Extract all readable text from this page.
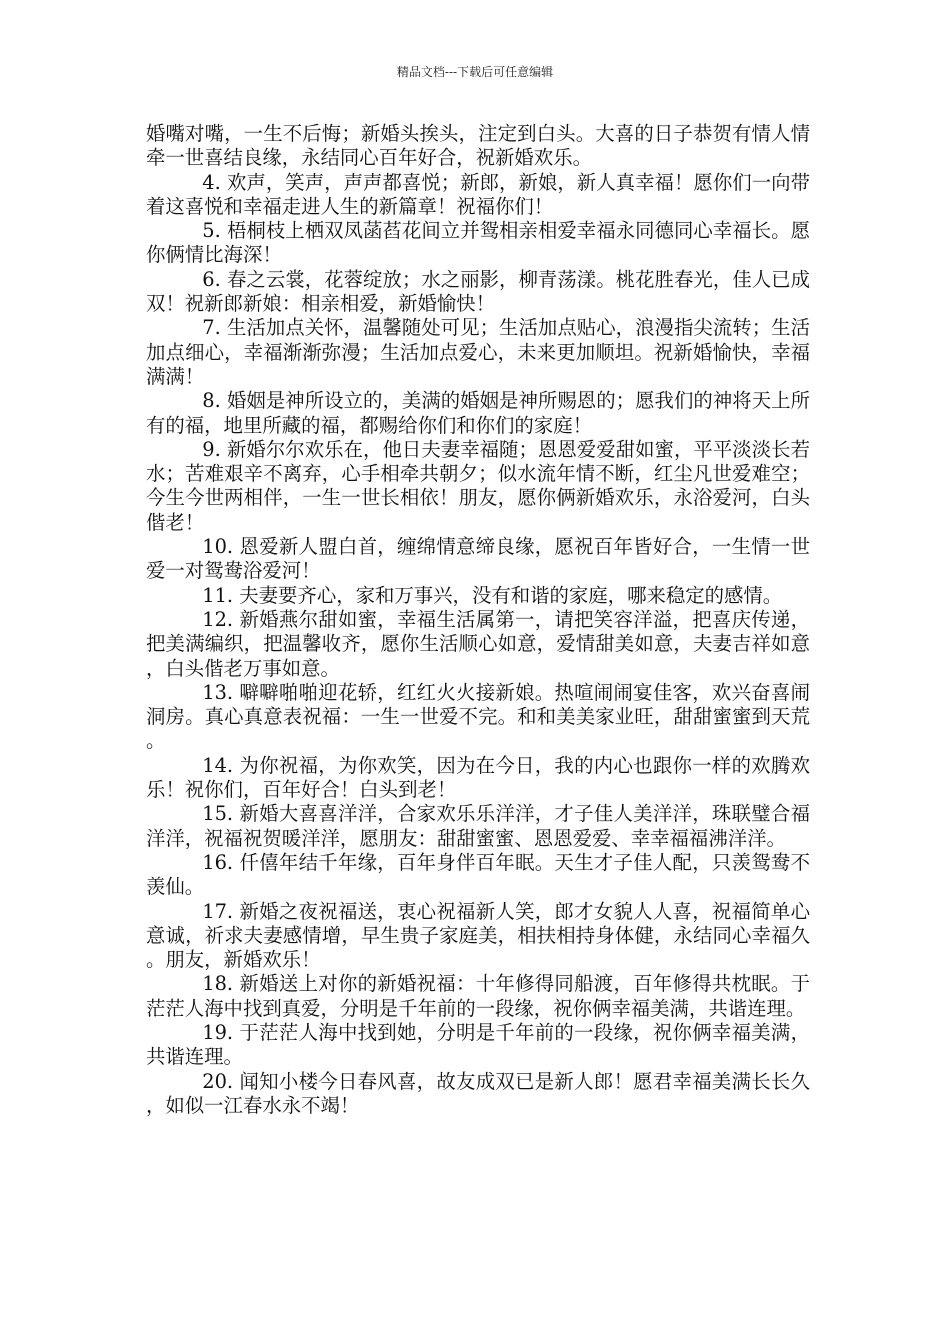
精品文档---下载后可任意编辑

婚嘴对嘴，一生不后悔；新婚头挨头，注定到白头。大喜的日子恭贺有情人情牵一世喜结良缘，永结同心百年好合，祝新婚欢乐。

4. 欢声，笑声，声声都喜悦；新郎，新娘，新人真幸福！愿你们一向带着这喜悦和幸福走进人生的新篇章！祝福你们！

5. 梧桐枝上栖双凤菡萏花间立并鸳相亲相爱幸福永同德同心幸福长。愿你俩情比海深！

6. 春之云裳，花蓉绽放；水之丽影，柳青荡漾。桃花胜春光，佳人已成双！祝新郎新娘：相亲相爱，新婚愉快！

7. 生活加点关怀，温馨随处可见；生活加点贴心，浪漫指尖流转；生活加点细心，幸福渐渐弥漫；生活加点爱心，未来更加顺坦。祝新婚愉快，幸福满满！

8. 婚姻是神所设立的，美满的婚姻是神所赐恩的；愿我们的神将天上所有的福，地里所藏的福，都赐给你们和你们的家庭！

9. 新婚尔尔欢乐在，他日夫妻幸福随；恩恩爱爱甜如蜜，平平淡淡长若水；苦难艰辛不离弃，心手相牵共朝夕；似水流年情不断，红尘凡世爱难空；今生今世两相伴，一生一世长相依！朋友，愿你俩新婚欢乐，永浴爱河，白头偕老！

10. 恩爱新人盟白首，缠绵情意缔良缘，愿祝百年皆好合，一生情一世爱一对鸳鸯浴爱河！

11. 夫妻要齐心，家和万事兴，没有和谐的家庭，哪来稳定的感情。

12. 新婚燕尔甜如蜜，幸福生活属第一，请把笑容洋溢，把喜庆传递，把美满编织，把温馨收齐，愿你生活顺心如意，爱情甜美如意，夫妻吉祥如意，白头偕老万事如意。

13. 噼噼啪啪迎花轿，红红火火接新娘。热喧闹闹宴佳客，欢兴奋喜闹洞房。真心真意表祝福：一生一世爱不完。和和美美家业旺，甜甜蜜蜜到天荒。

14. 为你祝福，为你欢笑，因为在今日，我的内心也跟你一样的欢腾欢乐！祝你们，百年好合！白头到老！

15. 新婚大喜喜洋洋，合家欢乐乐洋洋，才子佳人美洋洋，珠联璧合福洋洋，祝福祝贺暖洋洋，愿朋友：甜甜蜜蜜、恩恩爱爱、幸幸福福沸洋洋。

16. 仟僖年结千年缘，百年身伴百年眠。天生才子佳人配，只羡鸳鸯不羡仙。

17. 新婚之夜祝福送，衷心祝福新人笑，郎才女貌人人喜，祝福简单心意诚，祈求夫妻感情增，早生贵子家庭美，相扶相持身体健，永结同心幸福久。朋友，新婚欢乐！

18. 新婚送上对你的新婚祝福：十年修得同船渡，百年修得共枕眠。于茫茫人海中找到真爱，分明是千年前的一段缘，祝你俩幸福美满，共谐连理。

19. 于茫茫人海中找到她，分明是千年前的一段缘，祝你俩幸福美满，共谐连理。

20. 闻知小楼今日春风喜，故友成双已是新人郎！愿君幸福美满长长久，如似一江春水永不竭！
